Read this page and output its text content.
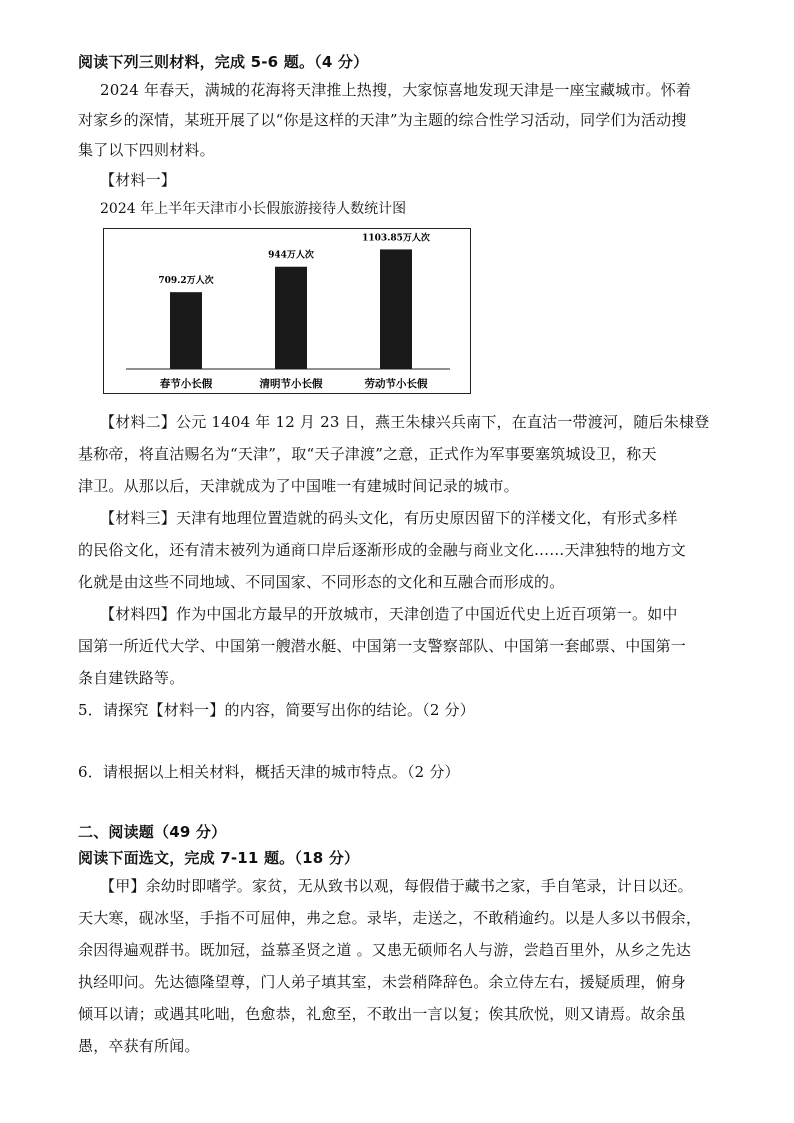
阅读下列三则材料，完成 5-6 题。（4 分）
2024 年春天，满城的花海将天津推上热搜，大家惊喜地发现天津是一座宝藏城市。怀着
对家乡的深情，某班开展了以“你是这样的天津”为主题的综合性学习活动，同学们为活动搜
集了以下四则材料。
【材料一】
2024 年上半年天津市小长假旅游接待人数统计图
709.2万人次
春节小长假
944万人次
清明节小长假
1103.85万人次
劳动节小长假
【材料二】公元 1404 年 12 月 23 日，燕王朱棣兴兵南下，在直沽一带渡河，随后朱棣登
基称帝，将直沽赐名为“天津”，取“天子津渡”之意，正式作为军事要塞筑城设卫，称天
津卫。从那以后，天津就成为了中国唯一有建城时间记录的城市。
【材料三】天津有地理位置造就的码头文化，有历史原因留下的洋楼文化，有形式多样
的民俗文化，还有清末被列为通商口岸后逐渐形成的金融与商业文化……天津独特的地方文
化就是由这些不同地域、不同国家、不同形态的文化和互融合而形成的。
【材料四】作为中国北方最早的开放城市，天津创造了中国近代史上近百项第一。如中
国第一所近代大学、中国第一艘潜水艇、中国第一支警察部队、中国第一套邮票、中国第一
条自建铁路等。
5．请探究【材料一】的内容，简要写出你的结论。（2 分）
6．请根据以上相关材料，概括天津的城市特点。（2 分）
二、阅读题（49 分）
阅读下面选文，完成 7-11 题。（18 分）
【甲】余幼时即嗜学。家贫，无从致书以观，每假借于藏书之家，手自笔录，计日以还。
天大寒，砚冰坚，手指不可屈伸，弗之怠。录毕，走送之，不敢稍逾约。以是人多以书假余，
余因得遍观群书。既加冠，益慕圣贤之道 。又患无硕师名人与游，尝趋百里外，从乡之先达
执经叩问。先达德隆望尊，门人弟子填其室，未尝稍降辞色。余立侍左右，援疑质理，俯身
倾耳以请；或遇其叱咄，色愈恭，礼愈至，不敢出一言以复；俟其欣悦，则又请焉。故余虽
愚，卒获有所闻。
